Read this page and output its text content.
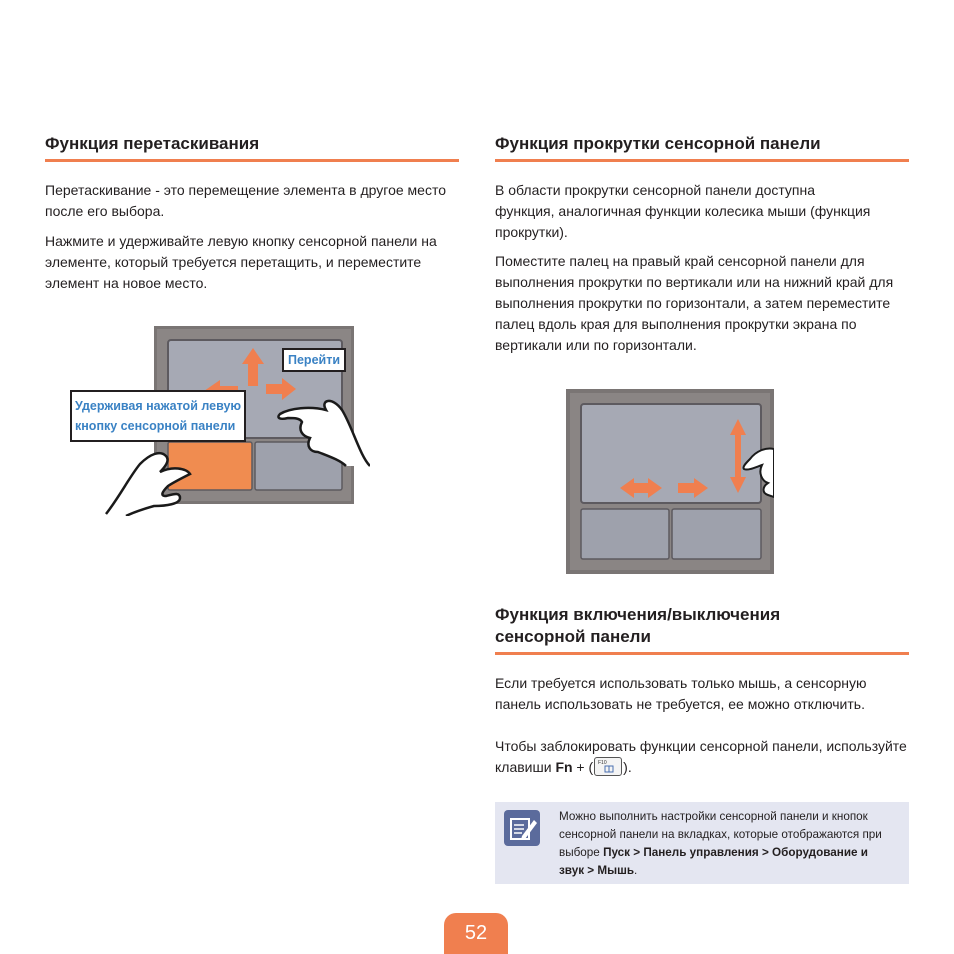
Функция перетаскивания

Перетаскивание - это перемещение элемента в другое место после его выбора.

Нажмите и удерживайте левую кнопку сенсорной панели на элементе, который требуется перетащить, и переместите элемент на новое место.

Перейти
Удерживая нажатой левую
кнопку сенсорной панели
Функция прокрутки сенсорной панели

В области прокрутки сенсорной панели доступна функция, аналогичная функции колесика мыши (функция прокрутки).

Поместите палец на правый край сенсорной панели для выполнения прокрутки по вертикали или на нижний край для выполнения прокрутки по горизонтали, а затем переместите палец вдоль края для выполнения прокрутки экрана по вертикали или по горизонтали.

Функция включения/выключения
сенсорной панели

Если требуется использовать только мышь, а сенсорную панель использовать не требуется, ее можно отключить.

Чтобы заблокировать функции сенсорной панели, используйте клавиши Fn + ( F10 ).

Можно выполнить настройки сенсорной панели и кнопок сенсорной панели на вкладках, которые отображаются при выборе Пуск > Панель управления > Оборудование и звук > Мышь.

52
